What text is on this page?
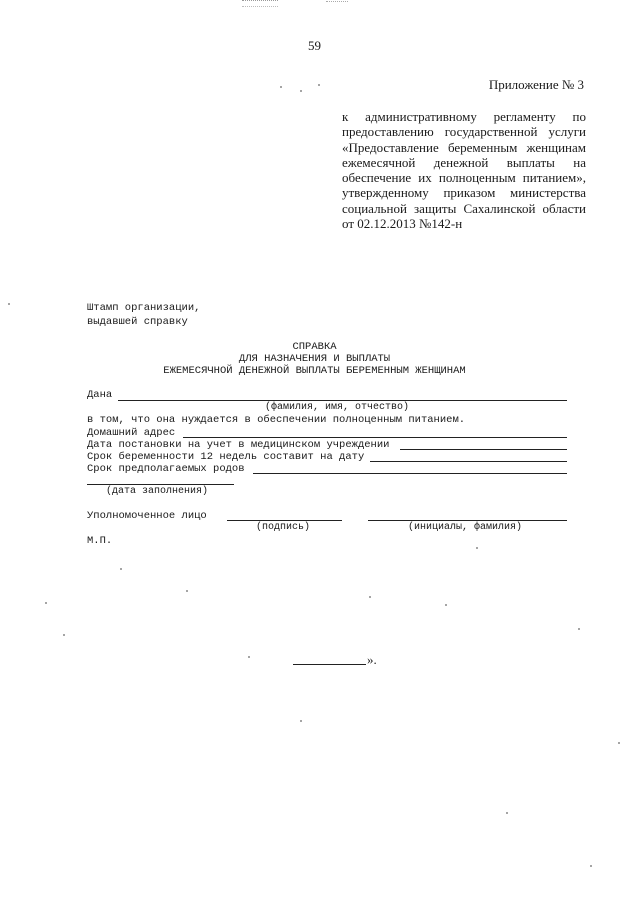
59
Приложение № 3
к административному регламенту по
предоставлению государственной услуги
«Предоставление беременным женщинам
ежемесячной денежной выплаты на
обеспечение их полноценным питанием»,
утвержденному приказом министерства
социальной защиты Сахалинской области
от 02.12.2013 №142-н
Штамп организации,
выдавшей справку
СПРАВКА
ДЛЯ НАЗНАЧЕНИЯ И ВЫПЛАТЫ
ЕЖЕМЕСЯЧНОЙ ДЕНЕЖНОЙ ВЫПЛАТЫ БЕРЕМЕННЫМ ЖЕНЩИНАМ
Дана
(фамилия, имя, отчество)
в том, что она нуждается в обеспечении полноценным питанием.
Домашний адрес
Дата постановки на учет в медицинском учреждении
Срок беременности 12 недель составит на дату
Срок предполагаемых родов
(дата заполнения)
Уполномоченное лицо
(подпись)	(инициалы, фамилия)
М.П.
».
